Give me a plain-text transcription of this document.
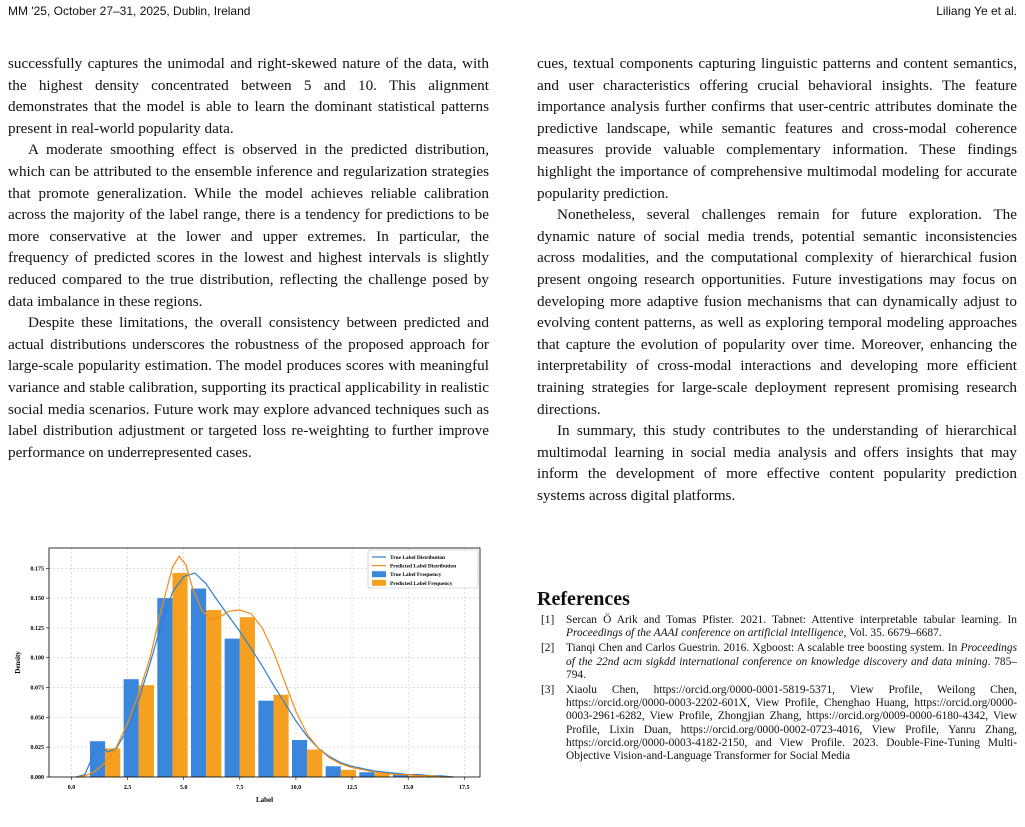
MM '25, October 27–31, 2025, Dublin, Ireland	Liliang Ye et al.

successfully captures the unimodal and right-skewed nature of the data, with the highest density concentrated between 5 and 10. This alignment demonstrates that the model is able to learn the dominant statistical patterns present in real-world popularity data.

A moderate smoothing effect is observed in the predicted distribution, which can be attributed to the ensemble inference and regularization strategies that promote generalization. While the model achieves reliable calibration across the majority of the label range, there is a tendency for predictions to be more conservative at the lower and upper extremes. In particular, the frequency of predicted scores in the lowest and highest intervals is slightly reduced compared to the true distribution, reflecting the challenge posed by data imbalance in these regions.

Despite these limitations, the overall consistency between predicted and actual distributions underscores the robustness of the proposed approach for large-scale popularity estimation. The model produces scores with meaningful variance and stable calibration, supporting its practical applicability in realistic social media scenarios. Future work may explore advanced techniques such as label distribution adjustment or targeted loss re-weighting to further improve performance on underrepresented cases.

0.0	2.5	5.0	7.5	10.0	12.5	15.0	17.5
0.000
0.025
0.050
0.075
0.100
0.125
0.150
0.175
Label
Density
True Label Distribution
Predicted Label Distribution
True Label Frequency
Predicted Label Frequency

cues, textual components capturing linguistic patterns and content semantics, and user characteristics offering crucial behavioral insights. The feature importance analysis further confirms that user-centric attributes dominate the predictive landscape, while semantic features and cross-modal coherence measures provide valuable complementary information. These findings highlight the importance of comprehensive multimodal modeling for accurate popularity prediction.

Nonetheless, several challenges remain for future exploration. The dynamic nature of social media trends, potential semantic inconsistencies across modalities, and the computational complexity of hierarchical fusion present ongoing research opportunities. Future investigations may focus on developing more adaptive fusion mechanisms that can dynamically adjust to evolving content patterns, as well as exploring temporal modeling approaches that capture the evolution of popularity over time. Moreover, enhancing the interpretability of cross-modal interactions and developing more efficient training strategies for large-scale deployment represent promising research directions.

In summary, this study contributes to the understanding of hierarchical multimodal learning in social media analysis and offers insights that may inform the development of more effective content popularity prediction systems across digital platforms.

References
[1] Sercan Ö Arik and Tomas Pfister. 2021. Tabnet: Attentive interpretable tabular learning. In Proceedings of the AAAI conference on artificial intelligence, Vol. 35. 6679–6687.
[2] Tianqi Chen and Carlos Guestrin. 2016. Xgboost: A scalable tree boosting system. In Proceedings of the 22nd acm sigkdd international conference on knowledge discovery and data mining. 785–794.
[3] Xiaolu Chen, https://orcid.org/0000-0001-5819-5371, View Profile, Weilong Chen, https://orcid.org/0000-0003-2202-601X, View Profile, Chenghao Huang, https://orcid.org/0000-0003-2961-6282, View Profile, Zhongjian Zhang, https://orcid.org/0009-0000-6180-4342, View Profile, Lixin Duan, https://orcid.org/0000-0002-0723-4016, View Profile, Yanru Zhang, https://orcid.org/0000-0003-4182-2150, and View Profile. 2023. Double-Fine-Tuning Multi-Objective Vision-and-Language Transformer for Social Media
